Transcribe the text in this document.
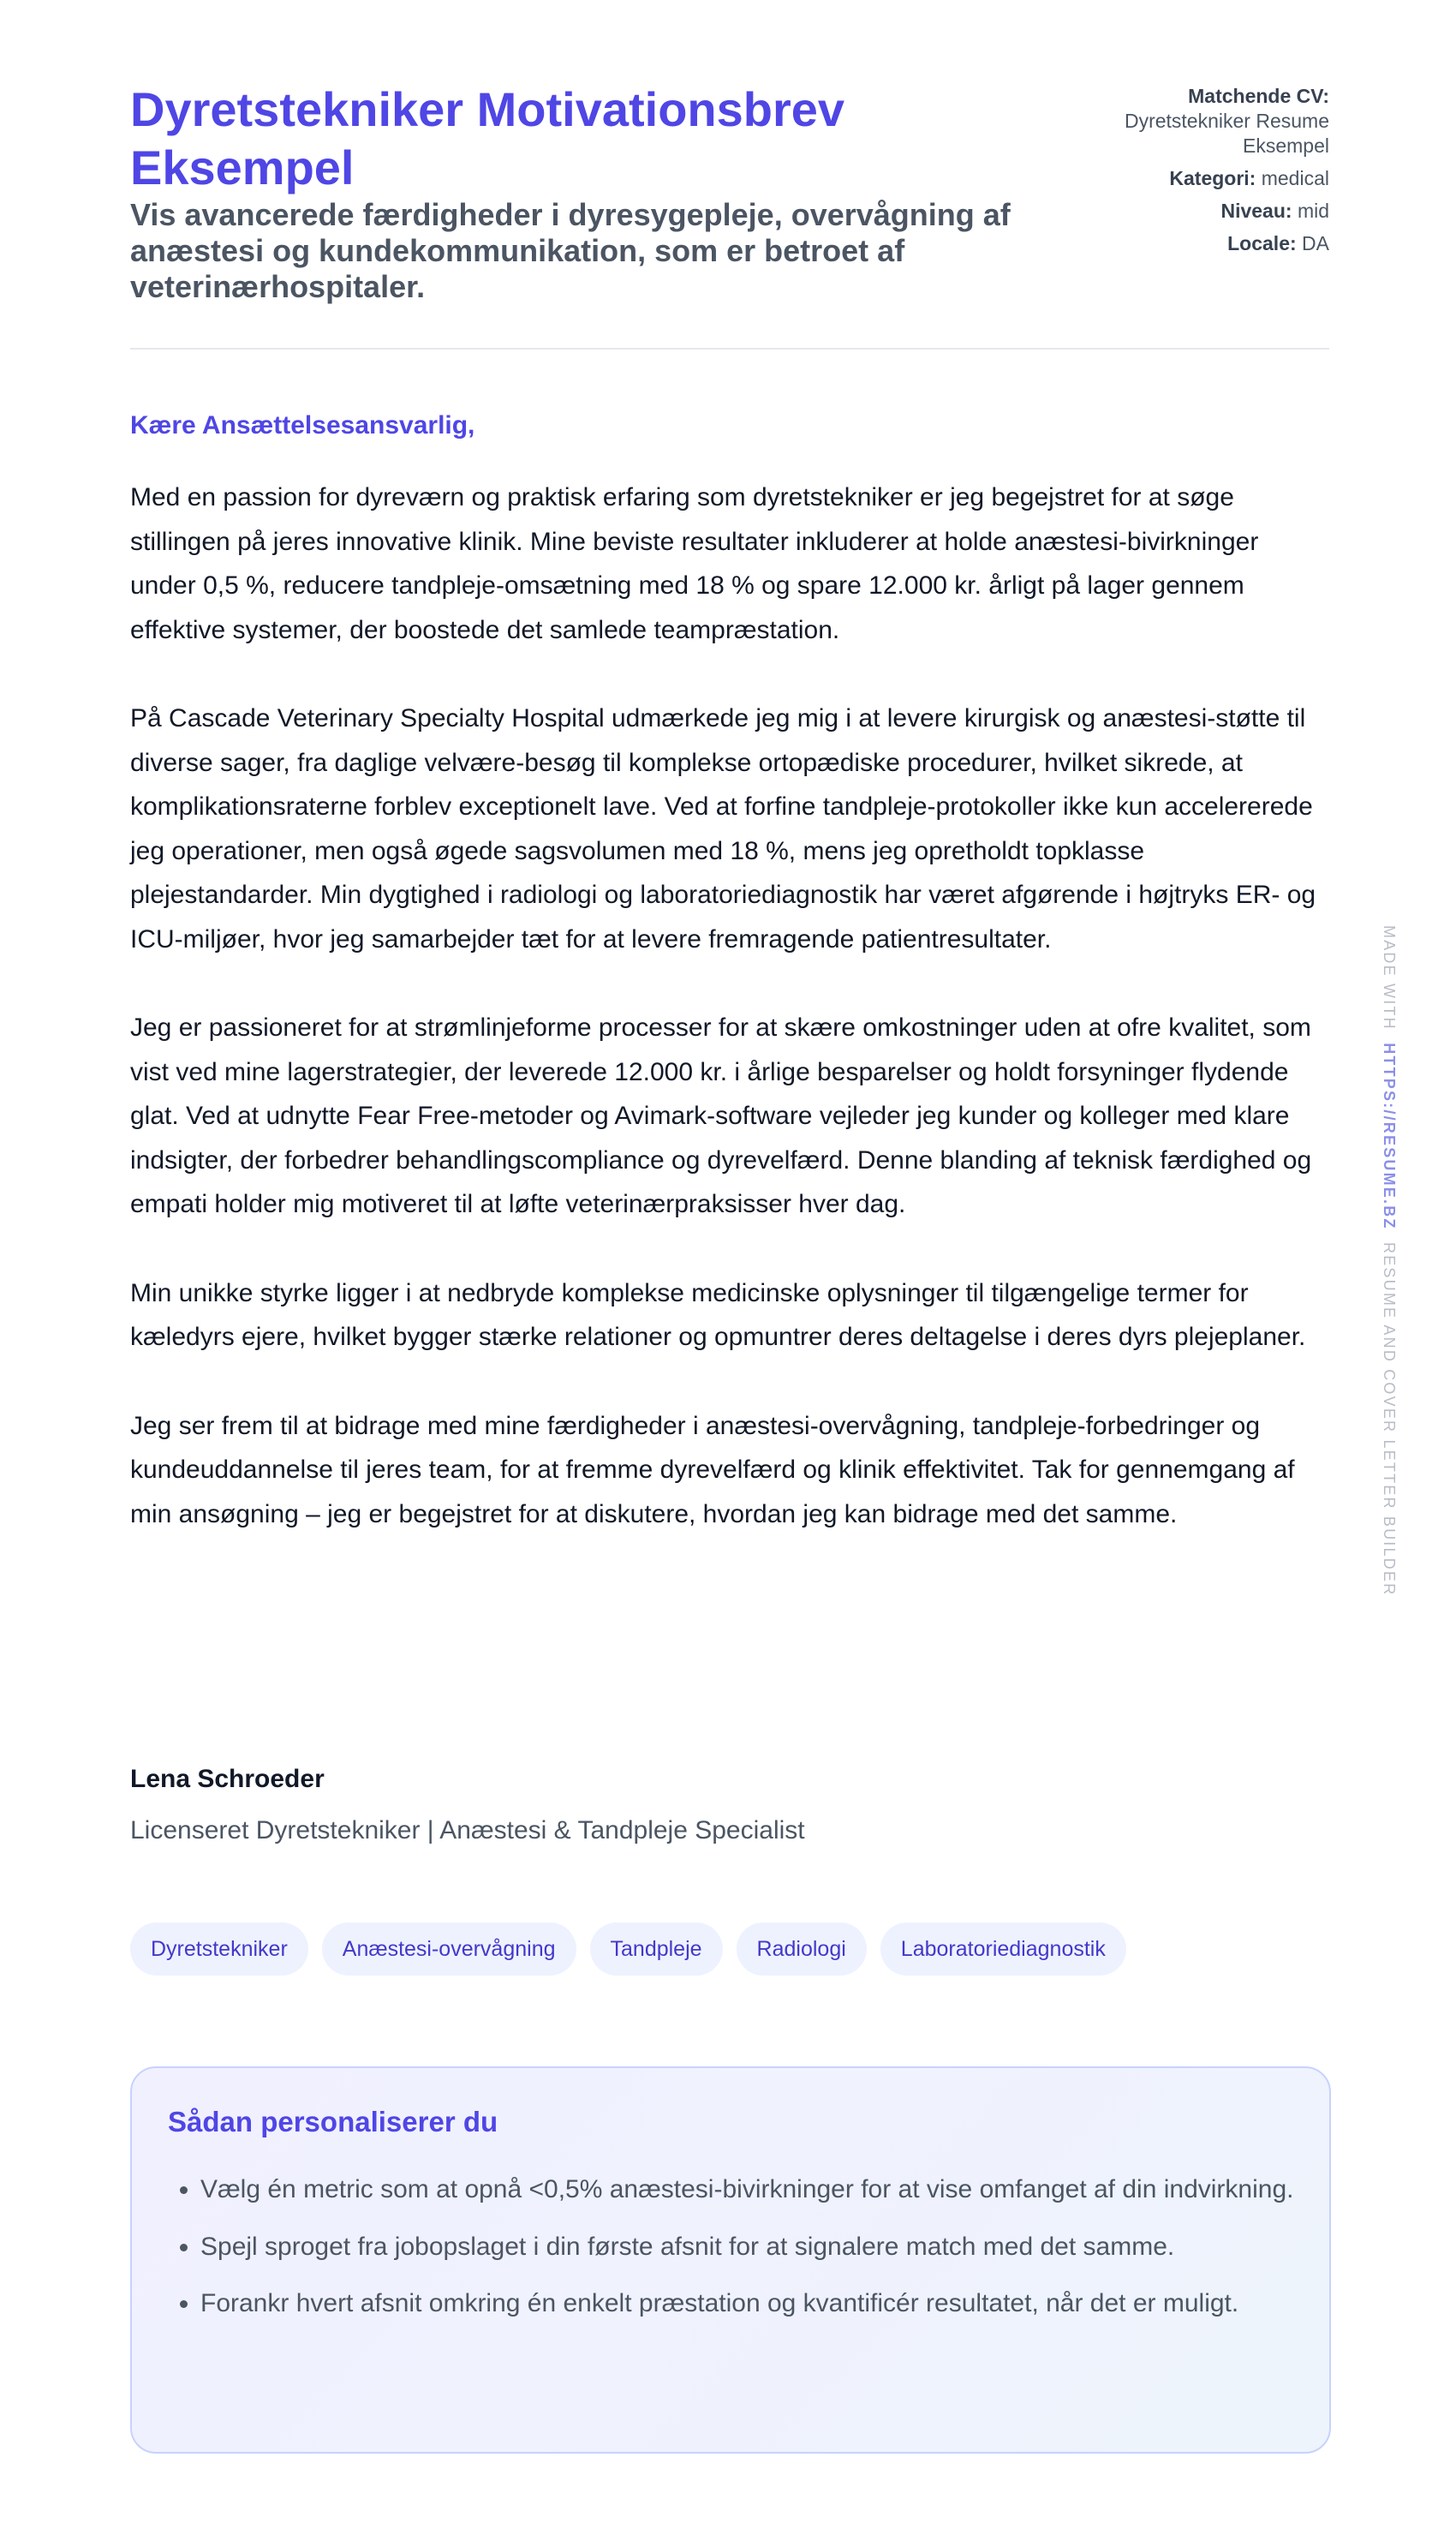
Dyretstekniker Motivationsbrev Eksempel
Vis avancerede færdigheder i dyresygepleje, overvågning af anæstesi og kundekommunikation, som er betroet af veterinærhospitaler.
Matchende CV:
Dyretstekniker Resume Eksempel
Kategori: medical
Niveau: mid
Locale: DA
Kære Ansættelsesansvarlig,

Med en passion for dyreværn og praktisk erfaring som dyretstekniker er jeg begejstret for at søge stillingen på jeres innovative klinik. Mine beviste resultater inkluderer at holde anæstesi-bivirkninger under 0,5 %, reducere tandpleje-omsætning med 18 % og spare 12.000 kr. årligt på lager gennem effektive systemer, der boostede det samlede teampræstation.

På Cascade Veterinary Specialty Hospital udmærkede jeg mig i at levere kirurgisk og anæstesi-støtte til diverse sager, fra daglige velvære-besøg til komplekse ortopædiske procedurer, hvilket sikrede, at komplikationsraterne forblev exceptionelt lave. Ved at forfine tandpleje-protokoller ikke kun accelererede jeg operationer, men også øgede sagsvolumen med 18 %, mens jeg opretholdt topklasse plejestandarder. Min dygtighed i radiologi og laboratoriediagnostik har været afgørende i højtryks ER- og ICU-miljøer, hvor jeg samarbejder tæt for at levere fremragende patientresultater.

Jeg er passioneret for at strømlinjeforme processer for at skære omkostninger uden at ofre kvalitet, som vist ved mine lagerstrategier, der leverede 12.000 kr. i årlige besparelser og holdt forsyninger flydende glat. Ved at udnytte Fear Free-metoder og Avimark-software vejleder jeg kunder og kolleger med klare indsigter, der forbedrer behandlingscompliance og dyrevelfærd. Denne blanding af teknisk færdighed og empati holder mig motiveret til at løfte veterinærpraksisser hver dag.

Min unikke styrke ligger i at nedbryde komplekse medicinske oplysninger til tilgængelige termer for kæledyrs ejere, hvilket bygger stærke relationer og opmuntrer deres deltagelse i deres dyrs plejeplaner.

Jeg ser frem til at bidrage med mine færdigheder i anæstesi-overvågning, tandpleje-forbedringer og kundeuddannelse til jeres team, for at fremme dyrevelfærd og klinik effektivitet. Tak for gennemgang af min ansøgning – jeg er begejstret for at diskutere, hvordan jeg kan bidrage med det samme.

Lena Schroeder
Licenseret Dyretstekniker | Anæstesi & Tandpleje Specialist
Dyretstekniker	Anæstesi-overvågning	Tandpleje	Radiologi	Laboratoriediagnostik
Sådan personaliserer du
• Vælg én metric som at opnå <0,5% anæstesi-bivirkninger for at vise omfanget af din indvirkning.
• Spejl sproget fra jobopslaget i din første afsnit for at signalere match med det samme.
• Forankr hvert afsnit omkring én enkelt præstation og kvantificér resultatet, når det er muligt.
MADE WITH  HTTPS://RESUME.BZ  RESUME AND COVER LETTER BUILDER
